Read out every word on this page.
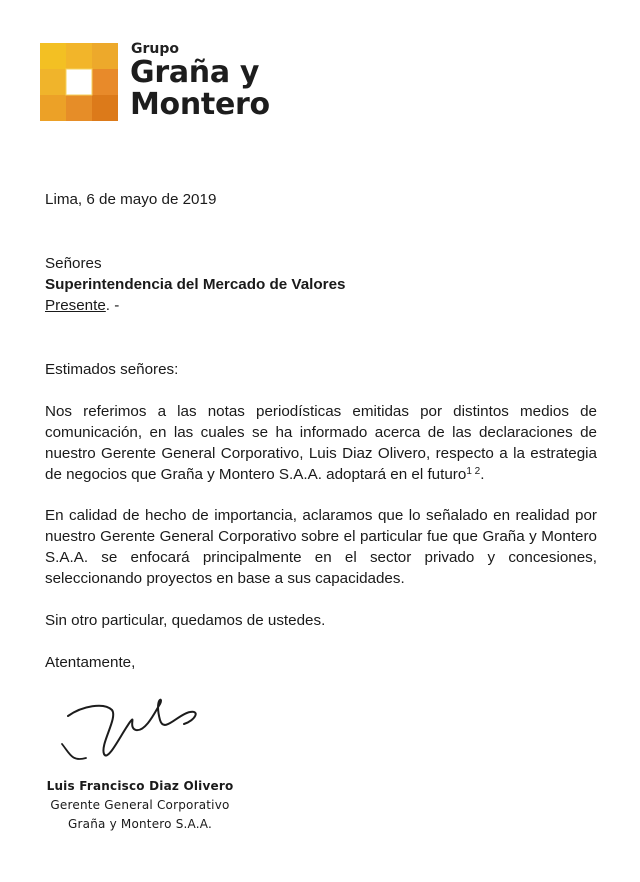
Grupo
Graña y
Montero
Lima, 6 de mayo de 2019
Señores
Superintendencia del Mercado de Valores
Presente. -
Estimados señores:
Nos referimos a las notas periodísticas emitidas por distintos medios de comunicación, en las cuales se ha informado acerca de las declaraciones de nuestro Gerente General Corporativo, Luis Diaz Olivero, respecto a la estrategia de negocios que Graña y Montero S.A.A. adoptará en el futuro$^{1 2}$.
En calidad de hecho de importancia, aclaramos que lo señalado en realidad por nuestro Gerente General Corporativo sobre el particular fue que Graña y Montero S.A.A. se enfocará principalmente en el sector privado y concesiones, seleccionando proyectos en base a sus capacidades.
Sin otro particular, quedamos de ustedes.
Atentamente,
Luis Francisco Diaz Olivero
Gerente General Corporativo
Graña y Montero S.A.A.
